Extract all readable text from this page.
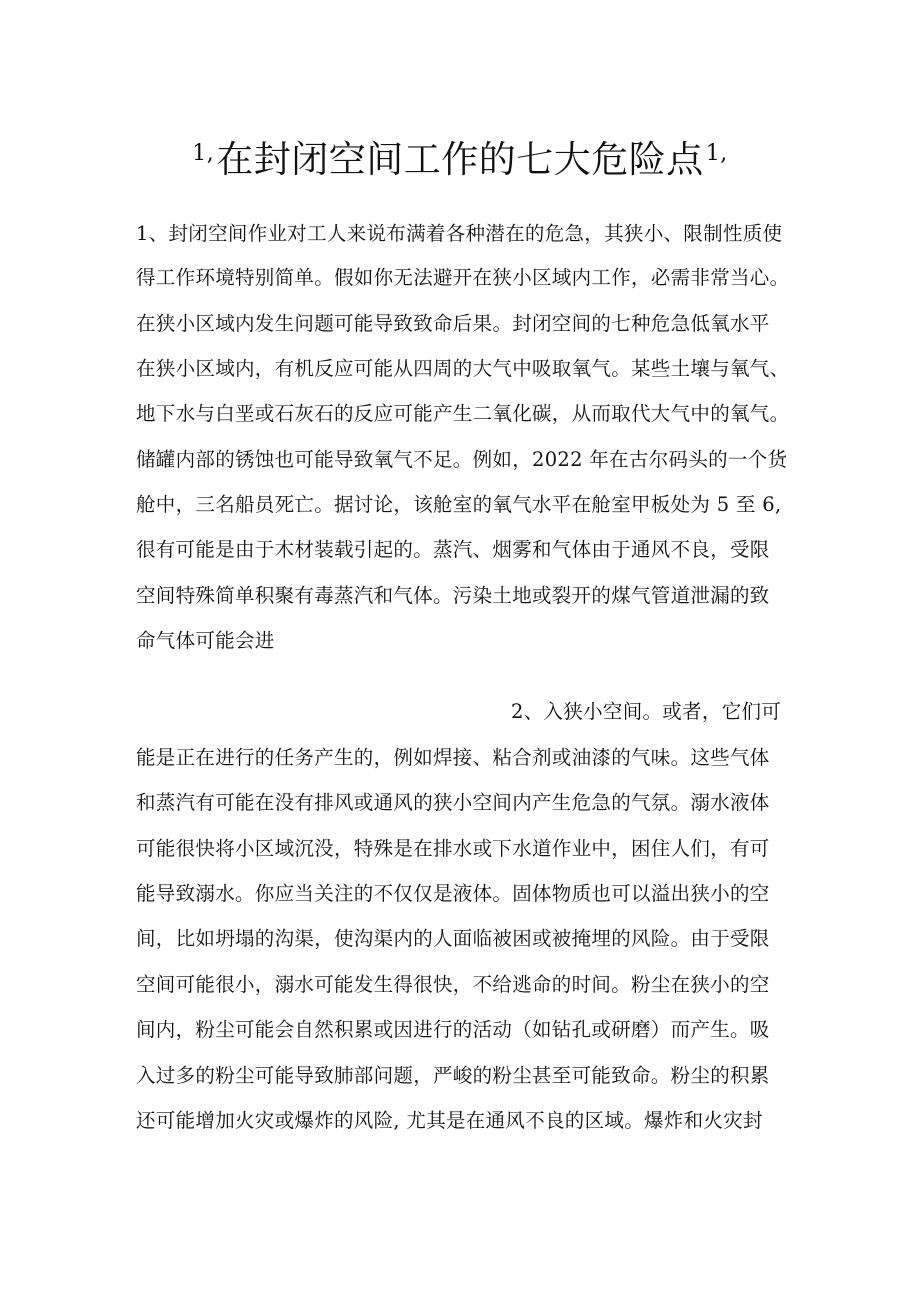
$^{1,}$在封闭空间工作的七大危险点$^{1,}$
1、封闭空间作业对工人来说布满着各种潜在的危急，其狭小、限制性质使
得工作环境特别简单。假如你无法避开在狭小区域内工作，必需非常当心。
在狭小区域内发生问题可能导致致命后果。封闭空间的七种危急低氧水平
在狭小区域内，有机反应可能从四周的大气中吸取氧气。某些土壤与氧气、
地下水与白垩或石灰石的反应可能产生二氧化碳，从而取代大气中的氧气。
储罐内部的锈蚀也可能导致氧气不足。例如，2022 年在古尔码头的一个货
舱中，三名船员死亡。据讨论，该舱室的氧气水平在舱室甲板处为 5 至 6,
很有可能是由于木材装载引起的。蒸汽、烟雾和气体由于通风不良，受限
空间特殊简单积聚有毒蒸汽和气体。污染土地或裂开的煤气管道泄漏的致
命气体可能会进
2、入狭小空间。或者，它们可
能是正在进行的任务产生的，例如焊接、粘合剂或油漆的气味。这些气体
和蒸汽有可能在没有排风或通风的狭小空间内产生危急的气氛。溺水液体
可能很快将小区域沉没，特殊是在排水或下水道作业中，困住人们，有可
能导致溺水。你应当关注的不仅仅是液体。固体物质也可以溢出狭小的空
间，比如坍塌的沟渠，使沟渠内的人面临被困或被掩埋的风险。由于受限
空间可能很小，溺水可能发生得很快，不给逃命的时间。粉尘在狭小的空
间内，粉尘可能会自然积累或因进行的活动（如钻孔或研磨）而产生。吸
入过多的粉尘可能导致肺部问题，严峻的粉尘甚至可能致命。粉尘的积累
还可能增加火灾或爆炸的风险, 尤其是在通风不良的区域。爆炸和火灾封
